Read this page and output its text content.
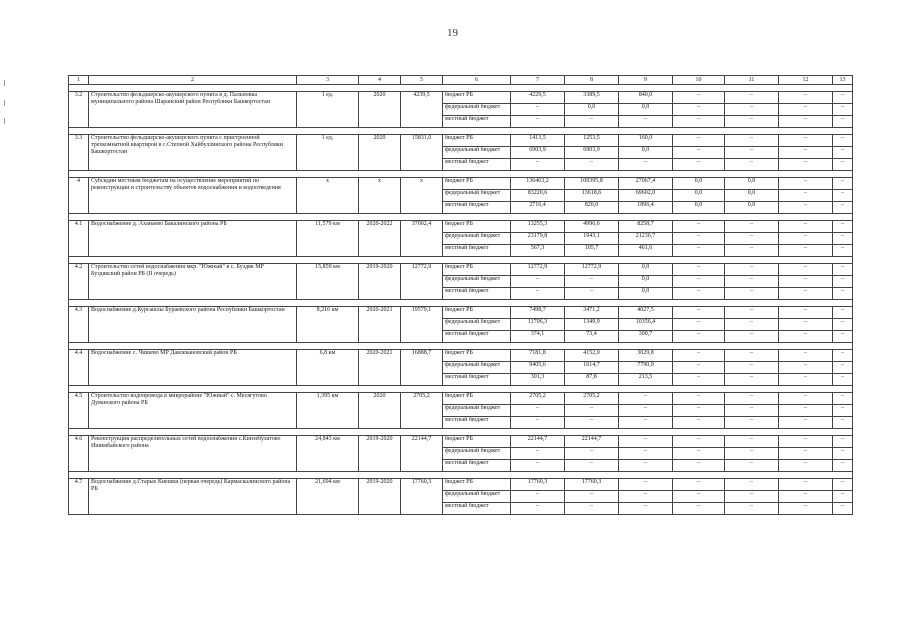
19
1	2	3	4	5	6	7	8	9	10	11	12	13

3.2	Строительство фельдшерско-акушерского пункта в д. Пальновка муниципального района Шаранский район Республики Башкортостан	1 ед.	2020	4239,5	бюджет РБ	4229,5	3389,5	840,0	–	–	–	–
					федеральный бюджет	–	0,0	0,0	–	–	–	–
					местный бюджет	–	–	–	–	–	–	–

3.3	Строительство фельдшерско-акушерского пункта с пристроенной трехкомнатной квартирой в с.Степной Хайбуллинского района Республики Башкортостан	1 ед.	2020	15831,0	бюджет РБ	1413,5	1253,5	160,0	–	–	–	–
					федеральный бюджет	6903,9	6903,9	0,0	–	–	–	–
					местный бюджет	–	–	–	–	–	–	–

4	Субсидии местным бюджетам на осуществление мероприятий по реконструкции и строительству объектов водоснабжения и водоотведения	х	х	х	бюджет РБ	136463,2	109395,8	27067,4	0,0	0,0	–	–
					федеральный бюджет	83220,6	13618,6	69602,0	0,0	0,0	–	–
					местный бюджет	2716,4	820,0	1896,4	0,0	0,0	–	–

4.1	Водоснабжение д. Аханаево Бакалинского района РБ	11,579 км	2020-2022	37002,4	бюджет РБ	13255,3	4996,6	8258,7	–	–	–	–
					федеральный бюджет	23179,8	1943,1	21236,7	–	–	–	–
					местный бюджет	567,3	105,7	461,6	–	–	–	–

4.2	Строительство сетей водоснабжения мкр. "Южный" в с. Буздяк МР Буздякский район РБ (II очередь)	15,859 км	2019-2020	12772,9	бюджет РБ	12772,9	12772,9	0,0	–	–	–	–
					федеральный бюджет	–	–	0,0	–	–	–	–
					местный бюджет	–	–	0,0	–	–	–	–

4.3	Водоснабжение д.Кургашлы Бураевского района Республики Башкортостан	8,216 км	2020-2021	19579,1	бюджет РБ	7498,7	3471,2	4027,5	–	–	–	–
					федеральный бюджет	11706,3	1349,9	10356,4	–	–	–	–
					местный бюджет	374,1	73,4	300,7	–	–	–	–

4.4	Водоснабжение с. Чишево МР Давлекановский район РБ	6,8 км	2020-2021	16888,7	бюджет РБ	7181,8	4152,0	3029,8	–	–	–	–
					федеральный бюджет	9405,6	1614,7	7790,9	–	–	–	–
					местный бюджет	301,3	87,8	213,5	–	–	–	–

4.5	Строительство водопровода в микрорайоне "Южный" с. Месягутово Дуванского района РБ	1,395 км	2020	2705,2	бюджет РБ	2705,2	2705,2	–	–	–	–	–
					федеральный бюджет	–	–	–	–	–	–	–
					местный бюджет	–	–	–	–	–	–	–

4.6	Реконструкция распределительных сетей водоснабжения с.Кинзебулатово Ишимбайского района	24,843 км	2019-2020	22144,7	бюджет РБ	22144,7	22144,7	–	–	–	–	–
					федеральный бюджет	–	–	–	–	–	–	–
					местный бюджет	–	–	–	–	–	–	–

4.7	Водоснабжение д.Старые Киешки (первая очередь) Кармаскалинского района РБ	21,694 км	2019-2020	17760,3	бюджет РБ	17760,3	17760,3	–	–	–	–	–
					федеральный бюджет	–	–	–	–	–	–	–
					местный бюджет	–	–	–	–	–	–	–
